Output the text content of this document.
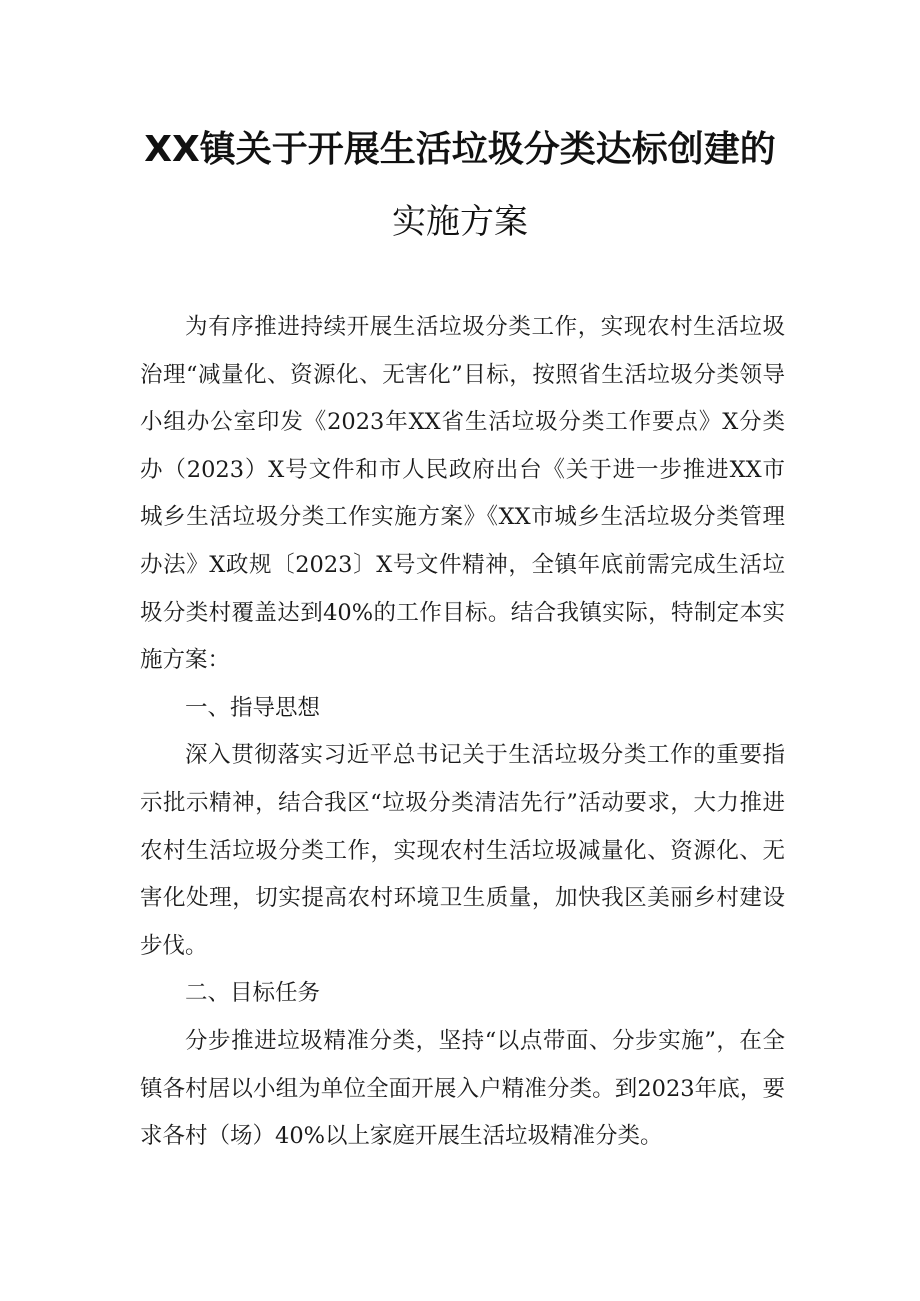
XX镇关于开展生活垃圾分类达标创建的
实施方案

为有序推进持续开展生活垃圾分类工作，实现农村生活垃圾治理“减量化、资源化、无害化”目标，按照省生活垃圾分类领导小组办公室印发《2023年XX省生活垃圾分类工作要点》X分类办（2023）X号文件和市人民政府出台《关于进一步推进XX市城乡生活垃圾分类工作实施方案》《XX市城乡生活垃圾分类管理办法》X政规〔2023〕X号文件精神，全镇年底前需完成生活垃圾分类村覆盖达到40%的工作目标。结合我镇实际，特制定本实施方案：

一、指导思想

深入贯彻落实习近平总书记关于生活垃圾分类工作的重要指示批示精神，结合我区“垃圾分类清洁先行”活动要求，大力推进农村生活垃圾分类工作，实现农村生活垃圾减量化、资源化、无害化处理，切实提高农村环境卫生质量，加快我区美丽乡村建设步伐。

二、目标任务

分步推进垃圾精准分类，坚持“以点带面、分步实施”，在全镇各村居以小组为单位全面开展入户精准分类。到2023年底，要求各村（场）40%以上家庭开展生活垃圾精准分类。
